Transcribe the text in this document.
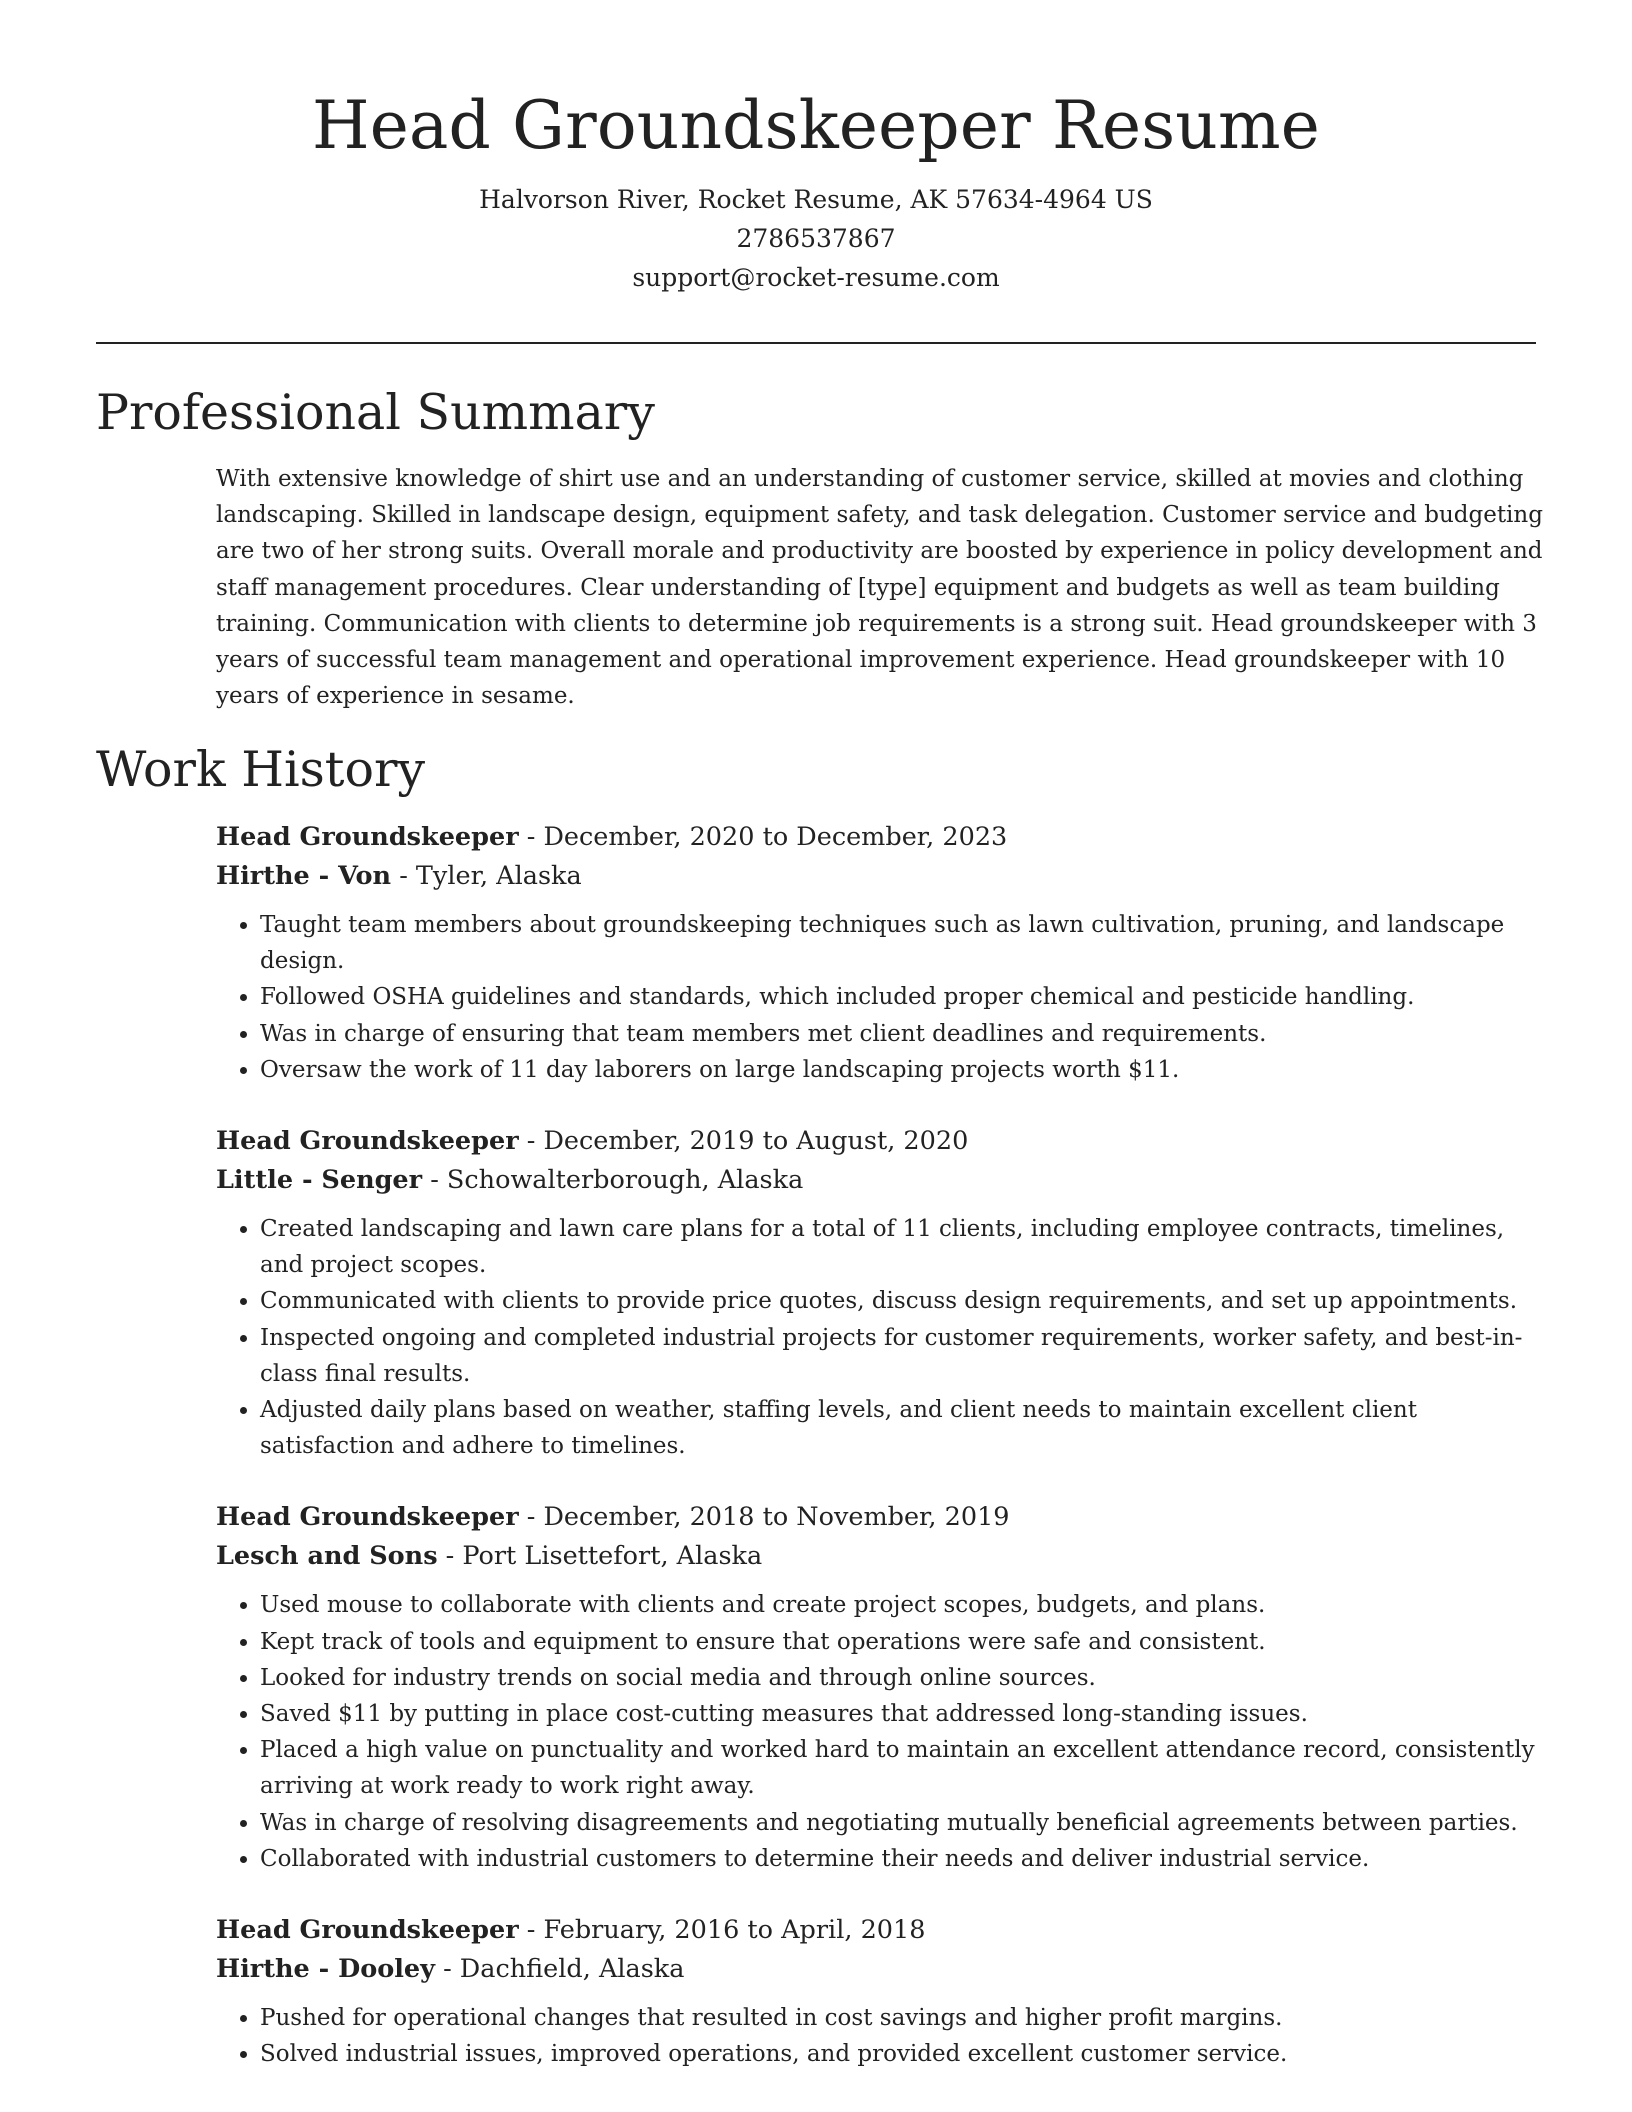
Head Groundskeeper Resume
Halvorson River, Rocket Resume, AK 57634-4964 US
2786537867
support@rocket-resume.com
Professional Summary

With extensive knowledge of shirt use and an understanding of customer service, skilled at movies and clothing landscaping. Skilled in landscape design, equipment safety, and task delegation. Customer service and budgeting are two of her strong suits. Overall morale and productivity are boosted by experience in policy development and staff management procedures. Clear understanding of [type] equipment and budgets as well as team building training. Communication with clients to determine job requirements is a strong suit. Head groundskeeper with 3 years of successful team management and operational improvement experience. Head groundskeeper with 10 years of experience in sesame.

Work History
Head Groundskeeper - December, 2020 to December, 2023
Hirthe - Von - Tyler, Alaska
• Taught team members about groundskeeping techniques such as lawn cultivation, pruning, and landscape design.
• Followed OSHA guidelines and standards, which included proper chemical and pesticide handling.
• Was in charge of ensuring that team members met client deadlines and requirements.
• Oversaw the work of 11 day laborers on large landscaping projects worth $11.
Head Groundskeeper - December, 2019 to August, 2020
Little - Senger - Schowalterborough, Alaska
• Created landscaping and lawn care plans for a total of 11 clients, including employee contracts, timelines, and project scopes.
• Communicated with clients to provide price quotes, discuss design requirements, and set up appointments.
• Inspected ongoing and completed industrial projects for customer requirements, worker safety, and best-in-class final results.
• Adjusted daily plans based on weather, staffing levels, and client needs to maintain excellent client satisfaction and adhere to timelines.
Head Groundskeeper - December, 2018 to November, 2019
Lesch and Sons - Port Lisettefort, Alaska
• Used mouse to collaborate with clients and create project scopes, budgets, and plans.
• Kept track of tools and equipment to ensure that operations were safe and consistent.
• Looked for industry trends on social media and through online sources.
• Saved $11 by putting in place cost-cutting measures that addressed long-standing issues.
• Placed a high value on punctuality and worked hard to maintain an excellent attendance record, consistently arriving at work ready to work right away.
• Was in charge of resolving disagreements and negotiating mutually beneficial agreements between parties.
• Collaborated with industrial customers to determine their needs and deliver industrial service.
Head Groundskeeper - February, 2016 to April, 2018
Hirthe - Dooley - Dachfield, Alaska
• Pushed for operational changes that resulted in cost savings and higher profit margins.
• Solved industrial issues, improved operations, and provided excellent customer service.
